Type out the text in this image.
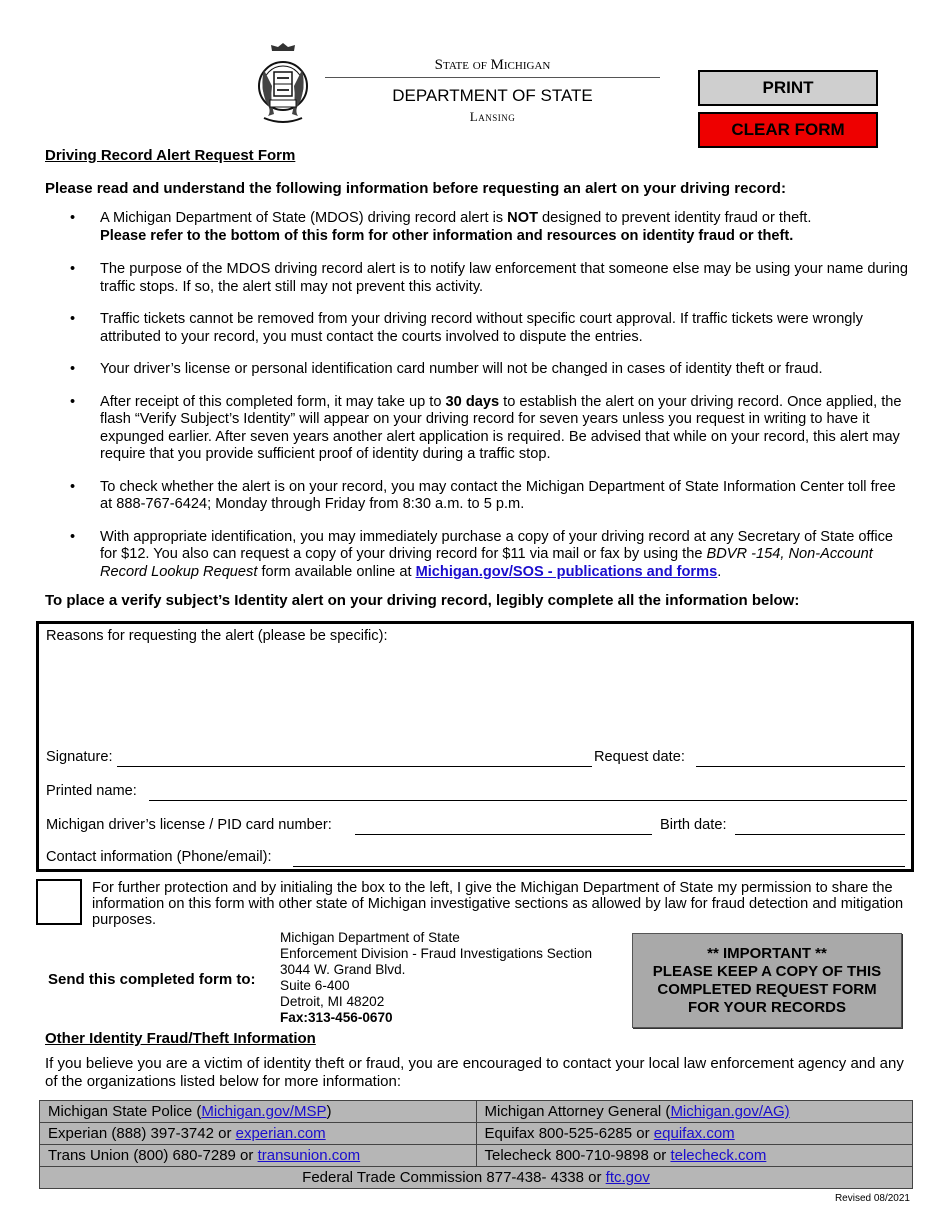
State of Michigan
DEPARTMENT OF STATE
Lansing
PRINT
CLEAR FORM
Driving Record Alert Request Form
Please read and understand the following information before requesting an alert on your driving record:
• A Michigan Department of State (MDOS) driving record alert is NOT designed to prevent identity fraud or theft.
Please refer to the bottom of this form for other information and resources on identity fraud or theft.
• The purpose of the MDOS driving record alert is to notify law enforcement that someone else may be using your name during traffic stops. If so, the alert still may not prevent this activity.
• Traffic tickets cannot be removed from your driving record without specific court approval. If traffic tickets were wrongly attributed to your record, you must contact the courts involved to dispute the entries.
• Your driver’s license or personal identification card number will not be changed in cases of identity theft or fraud.
• After receipt of this completed form, it may take up to 30 days to establish the alert on your driving record. Once applied, the flash “Verify Subject’s Identity” will appear on your driving record for seven years unless you request in writing to have it expunged earlier. After seven years another alert application is required. Be advised that while on your record, this alert may require that you provide sufficient proof of identity during a traffic stop.
• To check whether the alert is on your record, you may contact the Michigan Department of State Information Center toll free at 888-767-6424; Monday through Friday from 8:30 a.m. to 5 p.m.
• With appropriate identification, you may immediately purchase a copy of your driving record at any Secretary of State office for $12. You also can request a copy of your driving record for $11 via mail or fax by using the BDVR -154, Non-Account Record Lookup Request form available online at Michigan.gov/SOS - publications and forms.
To place a verify subject’s Identity alert on your driving record, legibly complete all the information below:
Reasons for requesting the alert (please be specific):
Signature:	Request date:
Printed name:
Michigan driver’s license / PID card number:	Birth date:
Contact information (Phone/email):
For further protection and by initialing the box to the left, I give the Michigan Department of State my permission to share the information on this form with other state of Michigan investigative sections as allowed by law for fraud detection and mitigation purposes.
Send this completed form to:
Michigan Department of State
Enforcement Division - Fraud Investigations Section
3044 W. Grand Blvd.
Suite 6-400
Detroit, MI 48202
Fax:313-456-0670
** IMPORTANT **
PLEASE KEEP A COPY OF THIS
COMPLETED REQUEST FORM
FOR YOUR RECORDS
Other Identity Fraud/Theft Information
If you believe you are a victim of identity theft or fraud, you are encouraged to contact your local law enforcement agency and any of the organizations listed below for more information:
Michigan State Police (Michigan.gov/MSP)	Michigan Attorney General (Michigan.gov/AG)
Experian (888) 397-3742 or experian.com	Equifax 800-525-6285 or equifax.com
Trans Union (800) 680-7289 or transunion.com	Telecheck 800-710-9898 or telecheck.com
Federal Trade Commission 877-438- 4338 or ftc.gov	
Revised 08/2021
